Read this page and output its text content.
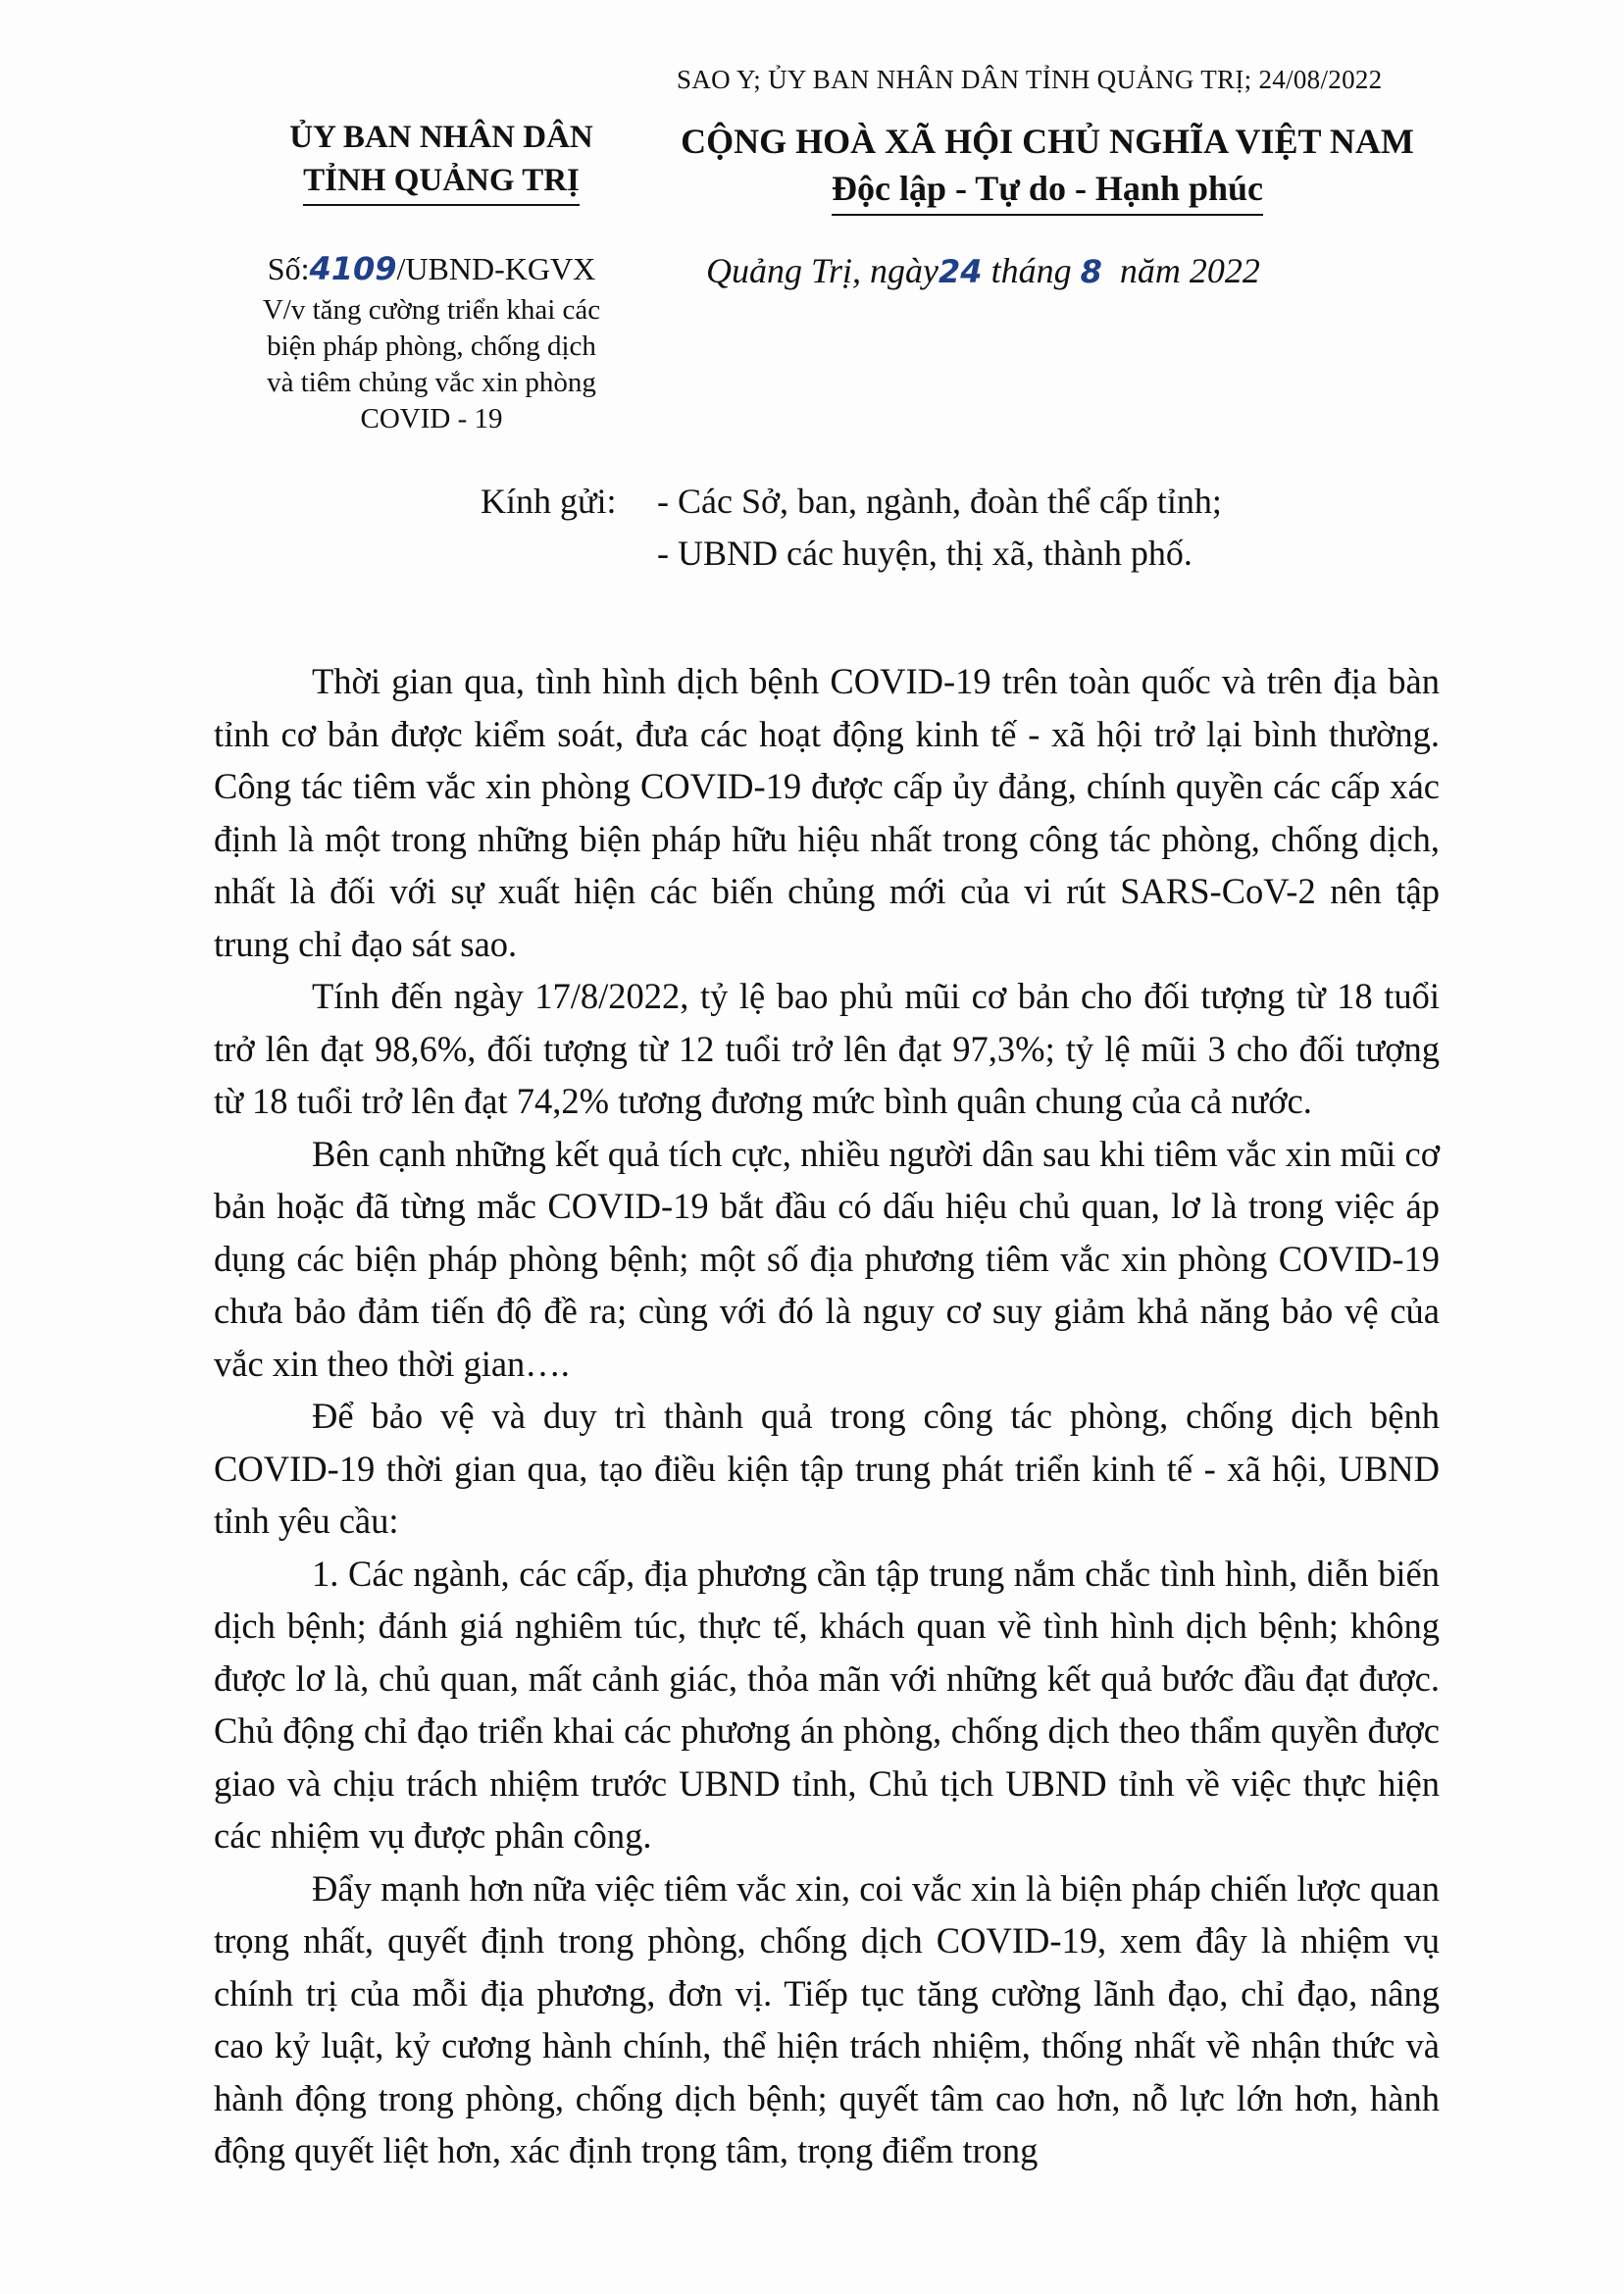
SAO Y; ỦY BAN NHÂN DÂN TỈNH QUẢNG TRỊ; 24/08/2022
ỦY BAN NHÂN DÂN
TỈNH QUẢNG TRỊ
CỘNG HOÀ XÃ HỘI CHỦ NGHĨA VIỆT NAM
Độc lập - Tự do - Hạnh phúc
Số:4109/UBND-KGVX
V/v tăng cường triển khai các
biện pháp phòng, chống dịch
và tiêm chủng vắc xin phòng
COVID - 19
Quảng Trị, ngày24 tháng 8 năm 2022
Kính gửi: - Các Sở, ban, ngành, đoàn thể cấp tỉnh;
- UBND các huyện, thị xã, thành phố.

Thời gian qua, tình hình dịch bệnh COVID-19 trên toàn quốc và trên địa bàn tỉnh cơ bản được kiểm soát, đưa các hoạt động kinh tế - xã hội trở lại bình thường. Công tác tiêm vắc xin phòng COVID-19 được cấp ủy đảng, chính quyền các cấp xác định là một trong những biện pháp hữu hiệu nhất trong công tác phòng, chống dịch, nhất là đối với sự xuất hiện các biến chủng mới của vi rút SARS-CoV-2 nên tập trung chỉ đạo sát sao.

Tính đến ngày 17/8/2022, tỷ lệ bao phủ mũi cơ bản cho đối tượng từ 18 tuổi trở lên đạt 98,6%, đối tượng từ 12 tuổi trở lên đạt 97,3%; tỷ lệ mũi 3 cho đối tượng từ 18 tuổi trở lên đạt 74,2% tương đương mức bình quân chung của cả nước.

Bên cạnh những kết quả tích cực, nhiều người dân sau khi tiêm vắc xin mũi cơ bản hoặc đã từng mắc COVID-19 bắt đầu có dấu hiệu chủ quan, lơ là trong việc áp dụng các biện pháp phòng bệnh; một số địa phương tiêm vắc xin phòng COVID-19 chưa bảo đảm tiến độ đề ra; cùng với đó là nguy cơ suy giảm khả năng bảo vệ của vắc xin theo thời gian….

Để bảo vệ và duy trì thành quả trong công tác phòng, chống dịch bệnh COVID-19 thời gian qua, tạo điều kiện tập trung phát triển kinh tế - xã hội, UBND tỉnh yêu cầu:

1. Các ngành, các cấp, địa phương cần tập trung nắm chắc tình hình, diễn biến dịch bệnh; đánh giá nghiêm túc, thực tế, khách quan về tình hình dịch bệnh; không được lơ là, chủ quan, mất cảnh giác, thỏa mãn với những kết quả bước đầu đạt được. Chủ động chỉ đạo triển khai các phương án phòng, chống dịch theo thẩm quyền được giao và chịu trách nhiệm trước UBND tỉnh, Chủ tịch UBND tỉnh về việc thực hiện các nhiệm vụ được phân công.

Đẩy mạnh hơn nữa việc tiêm vắc xin, coi vắc xin là biện pháp chiến lược quan trọng nhất, quyết định trong phòng, chống dịch COVID-19, xem đây là nhiệm vụ chính trị của mỗi địa phương, đơn vị. Tiếp tục tăng cường lãnh đạo, chỉ đạo, nâng cao kỷ luật, kỷ cương hành chính, thể hiện trách nhiệm, thống nhất về nhận thức và hành động trong phòng, chống dịch bệnh; quyết tâm cao hơn, nỗ lực lớn hơn, hành động quyết liệt hơn, xác định trọng tâm, trọng điểm trong
